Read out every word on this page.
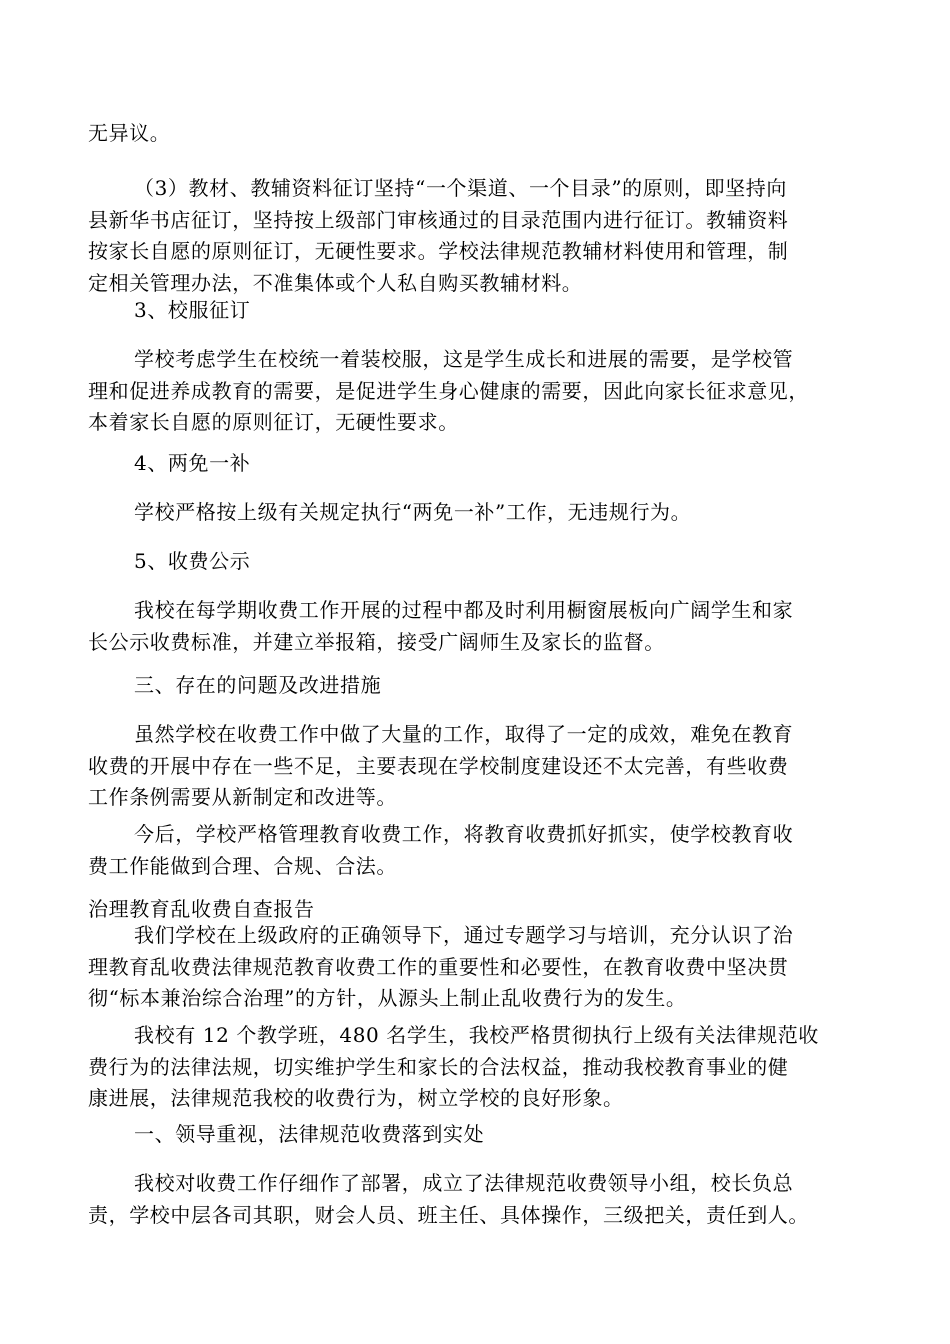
无异议。
（3）教材、教辅资料征订坚持“一个渠道、一个目录”的原则，即坚持向
县新华书店征订，坚持按上级部门审核通过的目录范围内进行征订。教辅资料
按家长自愿的原则征订，无硬性要求。学校法律规范教辅材料使用和管理，制
定相关管理办法，不准集体或个人私自购买教辅材料。
3、校服征订
学校考虑学生在校统一着装校服，这是学生成长和进展的需要，是学校管
理和促进养成教育的需要，是促进学生身心健康的需要，因此向家长征求意见，
本着家长自愿的原则征订，无硬性要求。
4、两免一补
学校严格按上级有关规定执行“两免一补”工作，无违规行为。
5、收费公示
我校在每学期收费工作开展的过程中都及时利用橱窗展板向广阔学生和家
长公示收费标准，并建立举报箱，接受广阔师生及家长的监督。
三、存在的问题及改进措施
虽然学校在收费工作中做了大量的工作，取得了一定的成效，难免在教育
收费的开展中存在一些不足，主要表现在学校制度建设还不太完善，有些收费
工作条例需要从新制定和改进等。
今后，学校严格管理教育收费工作，将教育收费抓好抓实，使学校教育收
费工作能做到合理、合规、合法。
治理教育乱收费自查报告
我们学校在上级政府的正确领导下，通过专题学习与培训，充分认识了治
理教育乱收费法律规范教育收费工作的重要性和必要性，在教育收费中坚决贯
彻“标本兼治综合治理”的方针，从源头上制止乱收费行为的发生。
我校有 12 个教学班，480 名学生，我校严格贯彻执行上级有关法律规范收
费行为的法律法规，切实维护学生和家长的合法权益，推动我校教育事业的健
康进展，法律规范我校的收费行为，树立学校的良好形象。
一、领导重视，法律规范收费落到实处
我校对收费工作仔细作了部署，成立了法律规范收费领导小组，校长负总
责，学校中层各司其职，财会人员、班主任、具体操作，三级把关，责任到人。
